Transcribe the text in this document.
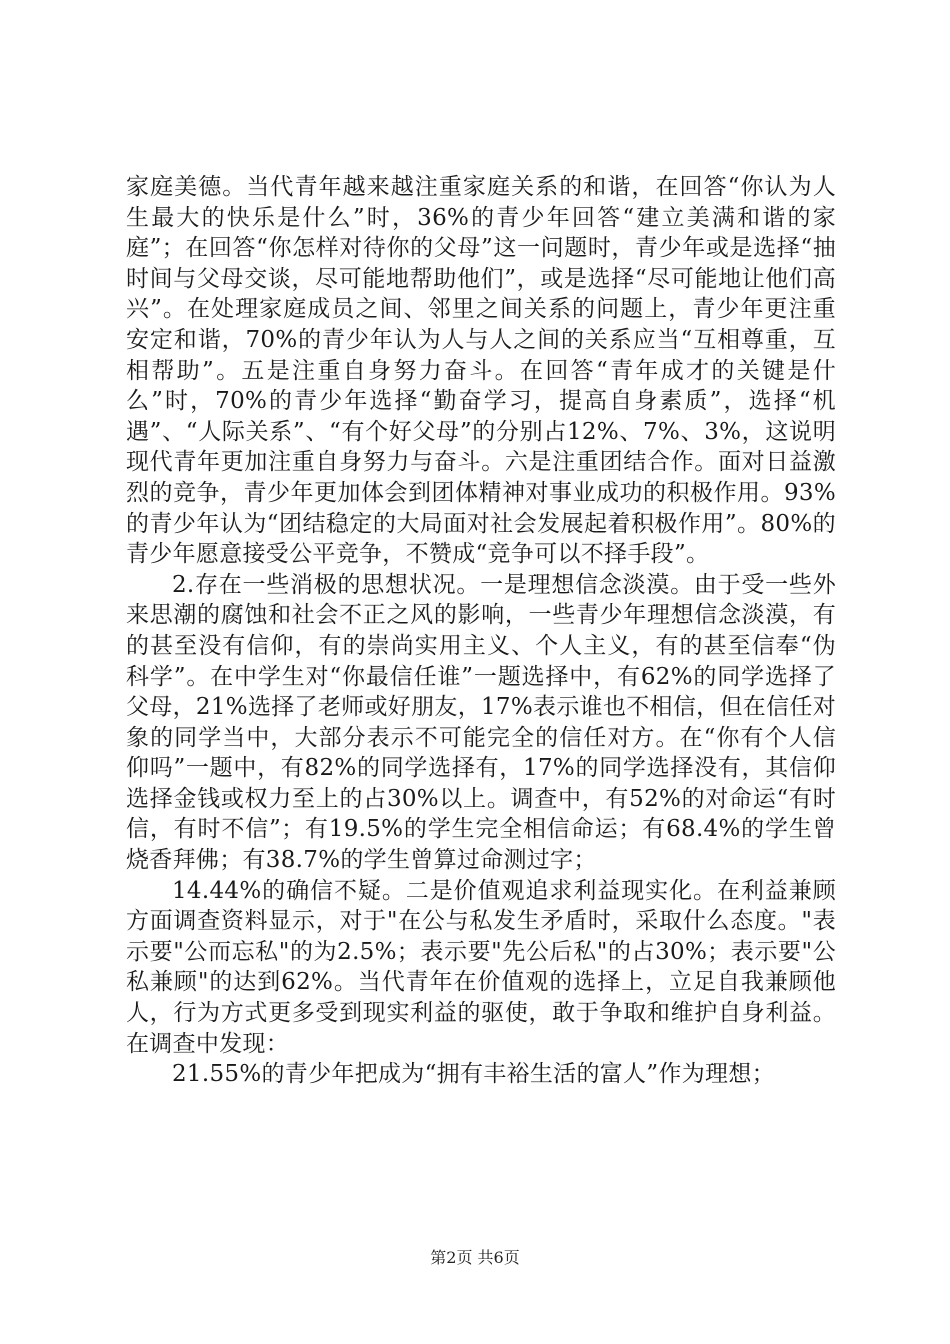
家庭美德。当代青年越来越注重家庭关系的和谐，在回答“你认为人生最大的快乐是什么”时，36%的青少年回答“建立美满和谐的家庭”；在回答“你怎样对待你的父母”这一问题时，青少年或是选择“抽时间与父母交谈，尽可能地帮助他们”，或是选择“尽可能地让他们高兴”。在处理家庭成员之间、邻里之间关系的问题上，青少年更注重安定和谐，70%的青少年认为人与人之间的关系应当“互相尊重，互相帮助”。五是注重自身努力奋斗。在回答“青年成才的关键是什么”时，70%的青少年选择“勤奋学习，提高自身素质”，选择“机遇”、“人际关系”、“有个好父母”的分别占12%、7%、3%，这说明现代青年更加注重自身努力与奋斗。六是注重团结合作。面对日益激烈的竞争，青少年更加体会到团体精神对事业成功的积极作用。93%的青少年认为“团结稳定的大局面对社会发展起着积极作用”。80%的青少年愿意接受公平竞争，不赞成“竞争可以不择手段”。

2.存在一些消极的思想状况。一是理想信念淡漠。由于受一些外来思潮的腐蚀和社会不正之风的影响，一些青少年理想信念淡漠，有的甚至没有信仰，有的崇尚实用主义、个人主义，有的甚至信奉“伪科学”。在中学生对“你最信任谁”一题选择中，有62%的同学选择了父母，21%选择了老师或好朋友，17%表示谁也不相信，但在信任对象的同学当中，大部分表示不可能完全的信任对方。在“你有个人信仰吗”一题中，有82%的同学选择有，17%的同学选择没有，其信仰选择金钱或权力至上的占30%以上。调查中，有52%的对命运“有时信，有时不信”；有19.5%的学生完全相信命运；有68.4%的学生曾烧香拜佛；有38.7%的学生曾算过命测过字；

14.44%的确信不疑。二是价值观追求利益现实化。在利益兼顾方面调查资料显示，对于"在公与私发生矛盾时，采取什么态度。"表示要"公而忘私"的为2.5%；表示要"先公后私"的占30%；表示要"公私兼顾"的达到62%。当代青年在价值观的选择上，立足自我兼顾他人，行为方式更多受到现实利益的驱使，敢于争取和维护自身利益。在调查中发现：

21.55%的青少年把成为“拥有丰裕生活的富人”作为理想；

第2页 共6页
